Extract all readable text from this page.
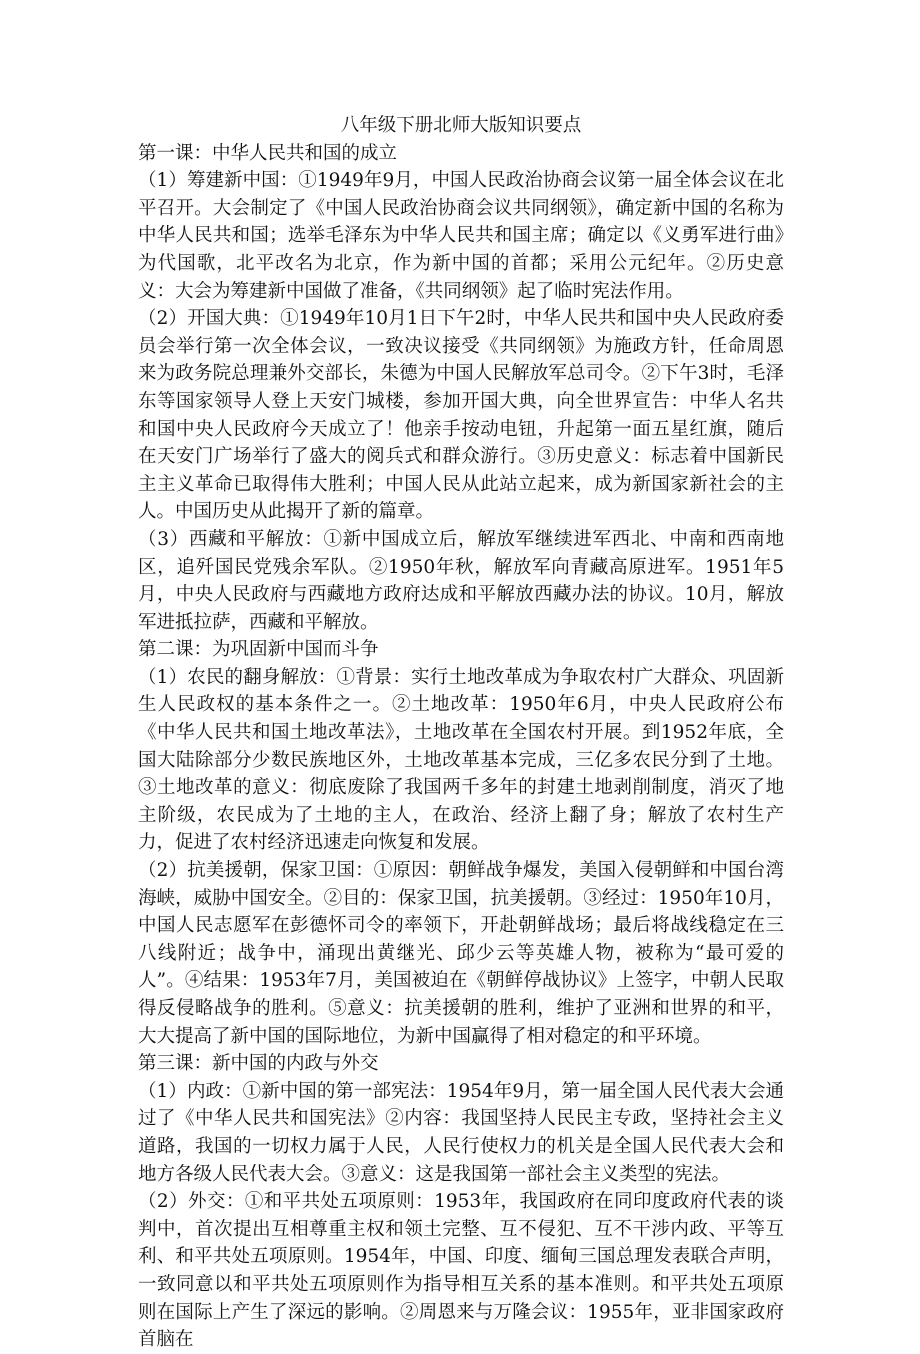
八年级下册北师大版知识要点

第一课：中华人民共和国的成立

（1）筹建新中国：①1949年9月，中国人民政治协商会议第一届全体会议在北平召开。大会制定了《中国人民政治协商会议共同纲领》，确定新中国的名称为中华人民共和国；选举毛泽东为中华人民共和国主席；确定以《义勇军进行曲》为代国歌，北平改名为北京，作为新中国的首都；采用公元纪年。②历史意义：大会为筹建新中国做了准备，《共同纲领》起了临时宪法作用。

（2）开国大典：①1949年10月1日下午2时，中华人民共和国中央人民政府委员会举行第一次全体会议，一致决议接受《共同纲领》为施政方针，任命周恩来为政务院总理兼外交部长，朱德为中国人民解放军总司令。②下午3时，毛泽东等国家领导人登上天安门城楼，参加开国大典，向全世界宣告：中华人名共和国中央人民政府今天成立了！他亲手按动电钮，升起第一面五星红旗，随后在天安门广场举行了盛大的阅兵式和群众游行。③历史意义：标志着中国新民主主义革命已取得伟大胜利；中国人民从此站立起来，成为新国家新社会的主人。中国历史从此揭开了新的篇章。

（3）西藏和平解放：①新中国成立后，解放军继续进军西北、中南和西南地区，追歼国民党残余军队。②1950年秋，解放军向青藏高原进军。1951年5月，中央人民政府与西藏地方政府达成和平解放西藏办法的协议。10月，解放军进抵拉萨，西藏和平解放。

第二课：为巩固新中国而斗争

（1）农民的翻身解放：①背景：实行土地改革成为争取农村广大群众、巩固新生人民政权的基本条件之一。②土地改革：1950年6月，中央人民政府公布《中华人民共和国土地改革法》，土地改革在全国农村开展。到1952年底，全国大陆除部分少数民族地区外，土地改革基本完成，三亿多农民分到了土地。③土地改革的意义：彻底废除了我国两千多年的封建土地剥削制度，消灭了地主阶级，农民成为了土地的主人，在政治、经济上翻了身；解放了农村生产力，促进了农村经济迅速走向恢复和发展。

（2）抗美援朝，保家卫国：①原因：朝鲜战争爆发，美国入侵朝鲜和中国台湾海峡，威胁中国安全。②目的：保家卫国，抗美援朝。③经过：1950年10月，中国人民志愿军在彭德怀司令的率领下，开赴朝鲜战场；最后将战线稳定在三八线附近；战争中，涌现出黄继光、邱少云等英雄人物，被称为“最可爱的人”。④结果：1953年7月，美国被迫在《朝鲜停战协议》上签字，中朝人民取得反侵略战争的胜利。⑤意义：抗美援朝的胜利，维护了亚洲和世界的和平，大大提高了新中国的国际地位，为新中国赢得了相对稳定的和平环境。

第三课：新中国的内政与外交

（1）内政：①新中国的第一部宪法：1954年9月，第一届全国人民代表大会通过了《中华人民共和国宪法》②内容：我国坚持人民民主专政，坚持社会主义道路，我国的一切权力属于人民，人民行使权力的机关是全国人民代表大会和地方各级人民代表大会。③意义：这是我国第一部社会主义类型的宪法。

（2）外交：①和平共处五项原则：1953年，我国政府在同印度政府代表的谈判中，首次提出互相尊重主权和领土完整、互不侵犯、互不干涉内政、平等互利、和平共处五项原则。1954年，中国、印度、缅甸三国总理发表联合声明，一致同意以和平共处五项原则作为指导相互关系的基本准则。和平共处五项原则在国际上产生了深远的影响。②周恩来与万隆会议：1955年，亚非国家政府首脑在
